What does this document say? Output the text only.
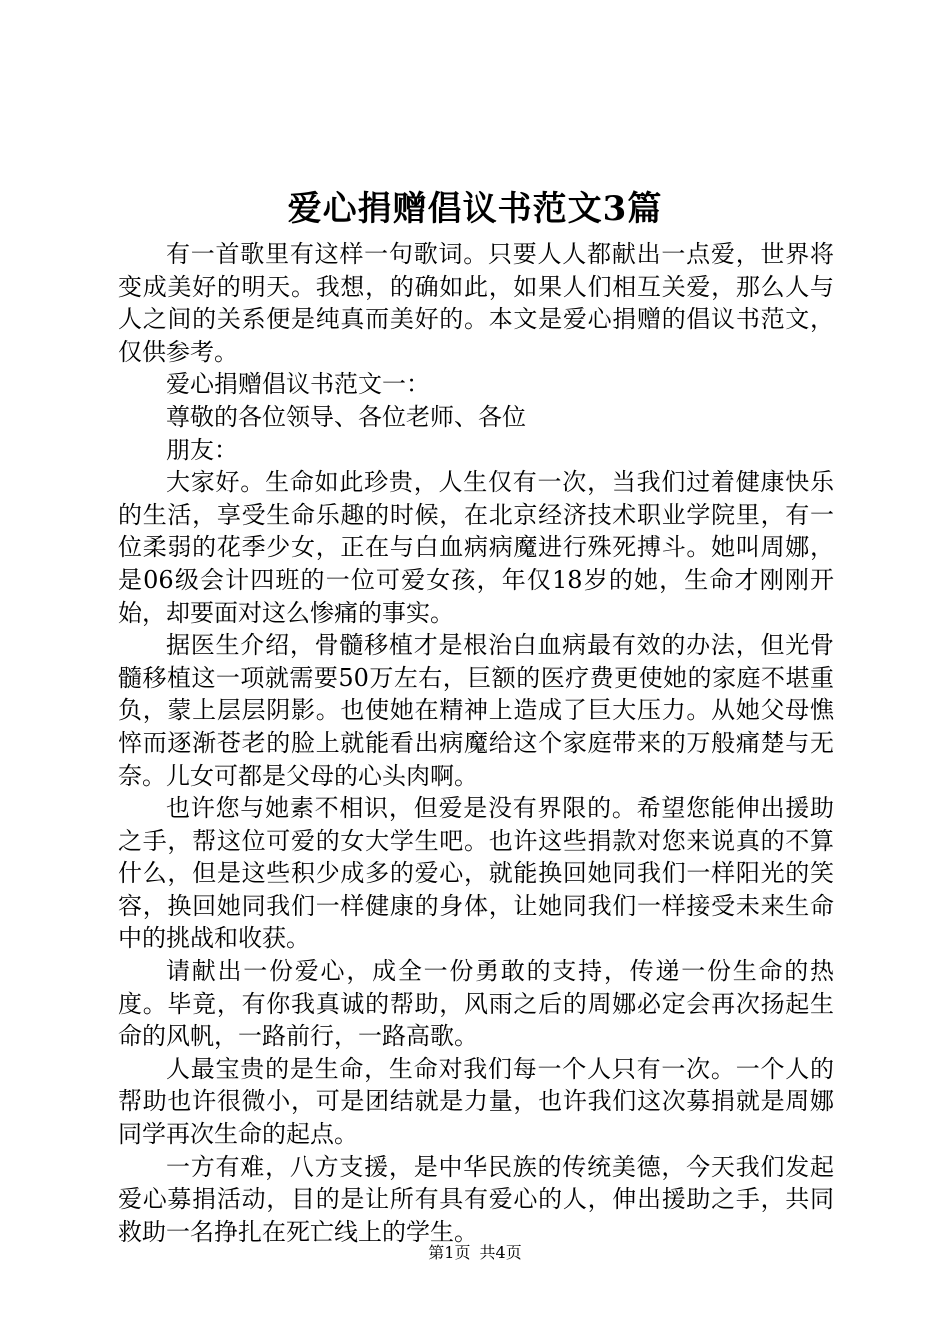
爱心捐赠倡议书范文3篇

有一首歌里有这样一句歌词。只要人人都献出一点爱，世界将变成美好的明天。我想，的确如此，如果人们相互关爱，那么人与人之间的关系便是纯真而美好的。本文是爱心捐赠的倡议书范文，仅供参考。

爱心捐赠倡议书范文一：

尊敬的各位领导、各位老师、各位

朋友：

大家好。生命如此珍贵，人生仅有一次，当我们过着健康快乐的生活，享受生命乐趣的时候，在北京经济技术职业学院里，有一位柔弱的花季少女，正在与白血病病魔进行殊死搏斗。她叫周娜，是06级会计四班的一位可爱女孩，年仅18岁的她，生命才刚刚开始，却要面对这么惨痛的事实。

据医生介绍，骨髓移植才是根治白血病最有效的办法，但光骨髓移植这一项就需要50万左右，巨额的医疗费更使她的家庭不堪重负，蒙上层层阴影。也使她在精神上造成了巨大压力。从她父母憔悴而逐渐苍老的脸上就能看出病魔给这个家庭带来的万般痛楚与无奈。儿女可都是父母的心头肉啊。

也许您与她素不相识，但爱是没有界限的。希望您能伸出援助之手，帮这位可爱的女大学生吧。也许这些捐款对您来说真的不算什么，但是这些积少成多的爱心，就能换回她同我们一样阳光的笑容，换回她同我们一样健康的身体，让她同我们一样接受未来生命中的挑战和收获。

请献出一份爱心，成全一份勇敢的支持，传递一份生命的热度。毕竟，有你我真诚的帮助，风雨之后的周娜必定会再次扬起生命的风帆，一路前行，一路高歌。

人最宝贵的是生命，生命对我们每一个人只有一次。一个人的帮助也许很微小，可是团结就是力量，也许我们这次募捐就是周娜同学再次生命的起点。

一方有难，八方支援，是中华民族的传统美德，今天我们发起爱心募捐活动，目的是让所有具有爱心的人，伸出援助之手，共同救助一名挣扎在死亡线上的学生。

第1页 共4页
